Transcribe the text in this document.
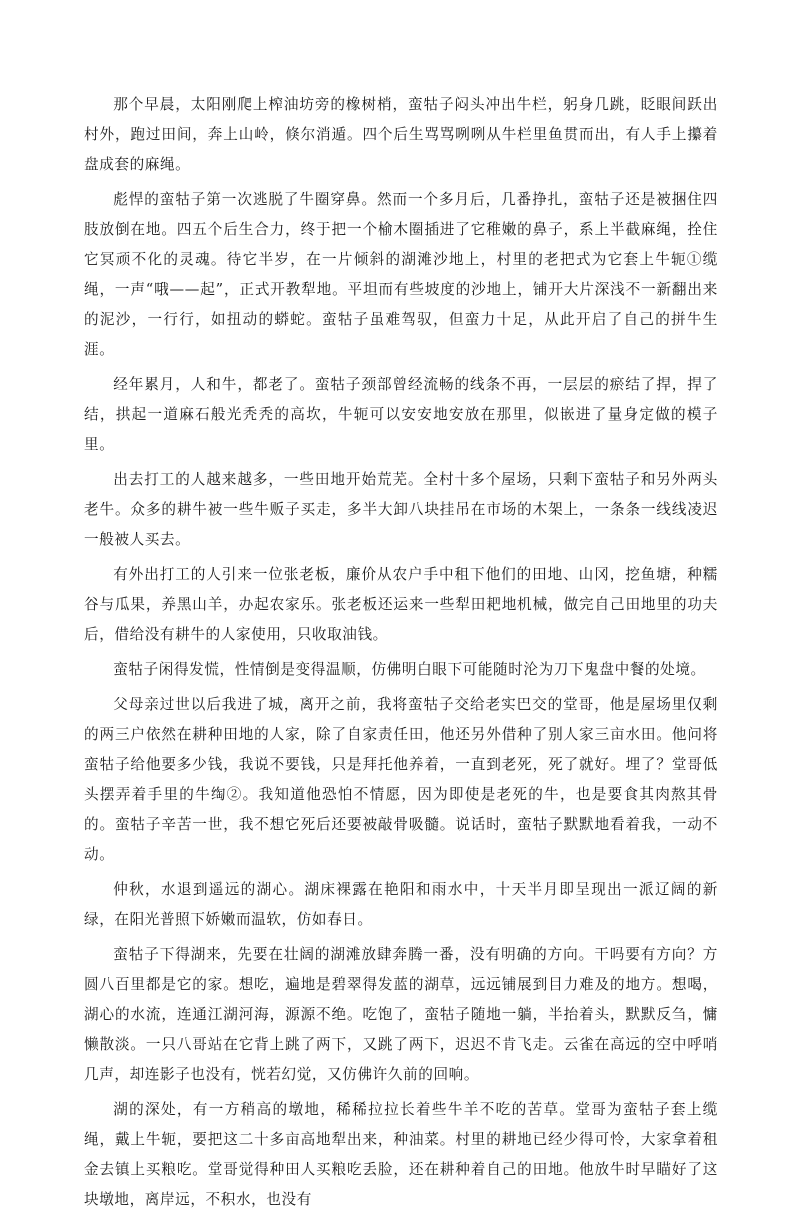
那个早晨，太阳刚爬上榨油坊旁的橡树梢，蛮牯子闷头冲出牛栏，躬身几跳，眨眼间跃出村外，跑过田间，奔上山岭，倏尔消遁。四个后生骂骂咧咧从牛栏里鱼贯而出，有人手上攥着盘成套的麻绳。

彪悍的蛮牯子第一次逃脱了牛圈穿鼻。然而一个多月后，几番挣扎，蛮牯子还是被捆住四肢放倒在地。四五个后生合力，终于把一个榆木圈插进了它稚嫩的鼻子，系上半截麻绳，拴住它冥顽不化的灵魂。待它半岁，在一片倾斜的湖滩沙地上，村里的老把式为它套上牛轭①缆绳，一声“哦——起”，正式开教犁地。平坦而有些坡度的沙地上，铺开大片深浅不一新翻出来的泥沙，一行行，如扭动的蟒蛇。蛮牯子虽难驾驭，但蛮力十足，从此开启了自己的拼牛生涯。

经年累月，人和牛，都老了。蛮牯子颈部曾经流畅的线条不再，一层层的瘀结了捍，捍了结，拱起一道麻石般光秃秃的高坎，牛轭可以安安地安放在那里，似嵌进了量身定做的模子里。

出去打工的人越来越多，一些田地开始荒芜。全村十多个屋场，只剩下蛮牯子和另外两头老牛。众多的耕牛被一些牛贩子买走，多半大卸八块挂吊在市场的木架上，一条条一线线凌迟一般被人买去。

有外出打工的人引来一位张老板，廉价从农户手中租下他们的田地、山冈，挖鱼塘，种糯谷与瓜果，养黑山羊，办起农家乐。张老板还运来一些犁田耙地机械，做完自己田地里的功夫后，借给没有耕牛的人家使用，只收取油钱。

蛮牯子闲得发慌，性情倒是变得温顺，仿佛明白眼下可能随时沦为刀下鬼盘中餐的处境。

父母亲过世以后我进了城，离开之前，我将蛮牯子交给老实巴交的堂哥，他是屋场里仅剩的两三户依然在耕种田地的人家，除了自家责任田，他还另外借种了别人家三亩水田。他问将蛮牯子给他要多少钱，我说不要钱，只是拜托他养着，一直到老死，死了就好。埋了？堂哥低头摆弄着手里的牛绹②。我知道他恐怕不情愿，因为即使是老死的牛，也是要食其肉熬其骨的。蛮牯子辛苦一世，我不想它死后还要被敲骨吸髓。说话时，蛮牯子默默地看着我，一动不动。

仲秋，水退到遥远的湖心。湖床裸露在艳阳和雨水中，十天半月即呈现出一派辽阔的新绿，在阳光普照下娇嫩而温软，仿如春日。

蛮牯子下得湖来，先要在壮阔的湖滩放肆奔腾一番，没有明确的方向。干吗要有方向？方圆八百里都是它的家。想吃，遍地是碧翠得发蓝的湖草，远远铺展到目力难及的地方。想喝，湖心的水流，连通江湖河海，源源不绝。吃饱了，蛮牯子随地一躺，半抬着头，默默反刍，慵懒散淡。一只八哥站在它背上跳了两下，又跳了两下，迟迟不肯飞走。云雀在高远的空中呼哨几声，却连影子也没有，恍若幻觉，又仿佛许久前的回响。

湖的深处，有一方稍高的墩地，稀稀拉拉长着些牛羊不吃的苦草。堂哥为蛮牯子套上缆绳，戴上牛轭，要把这二十多亩高地犁出来，种油菜。村里的耕地已经少得可怜，大家拿着租金去镇上买粮吃。堂哥觉得种田人买粮吃丢脸，还在耕种着自己的田地。他放牛时早瞄好了这块墩地，离岸远，不积水，也没有
